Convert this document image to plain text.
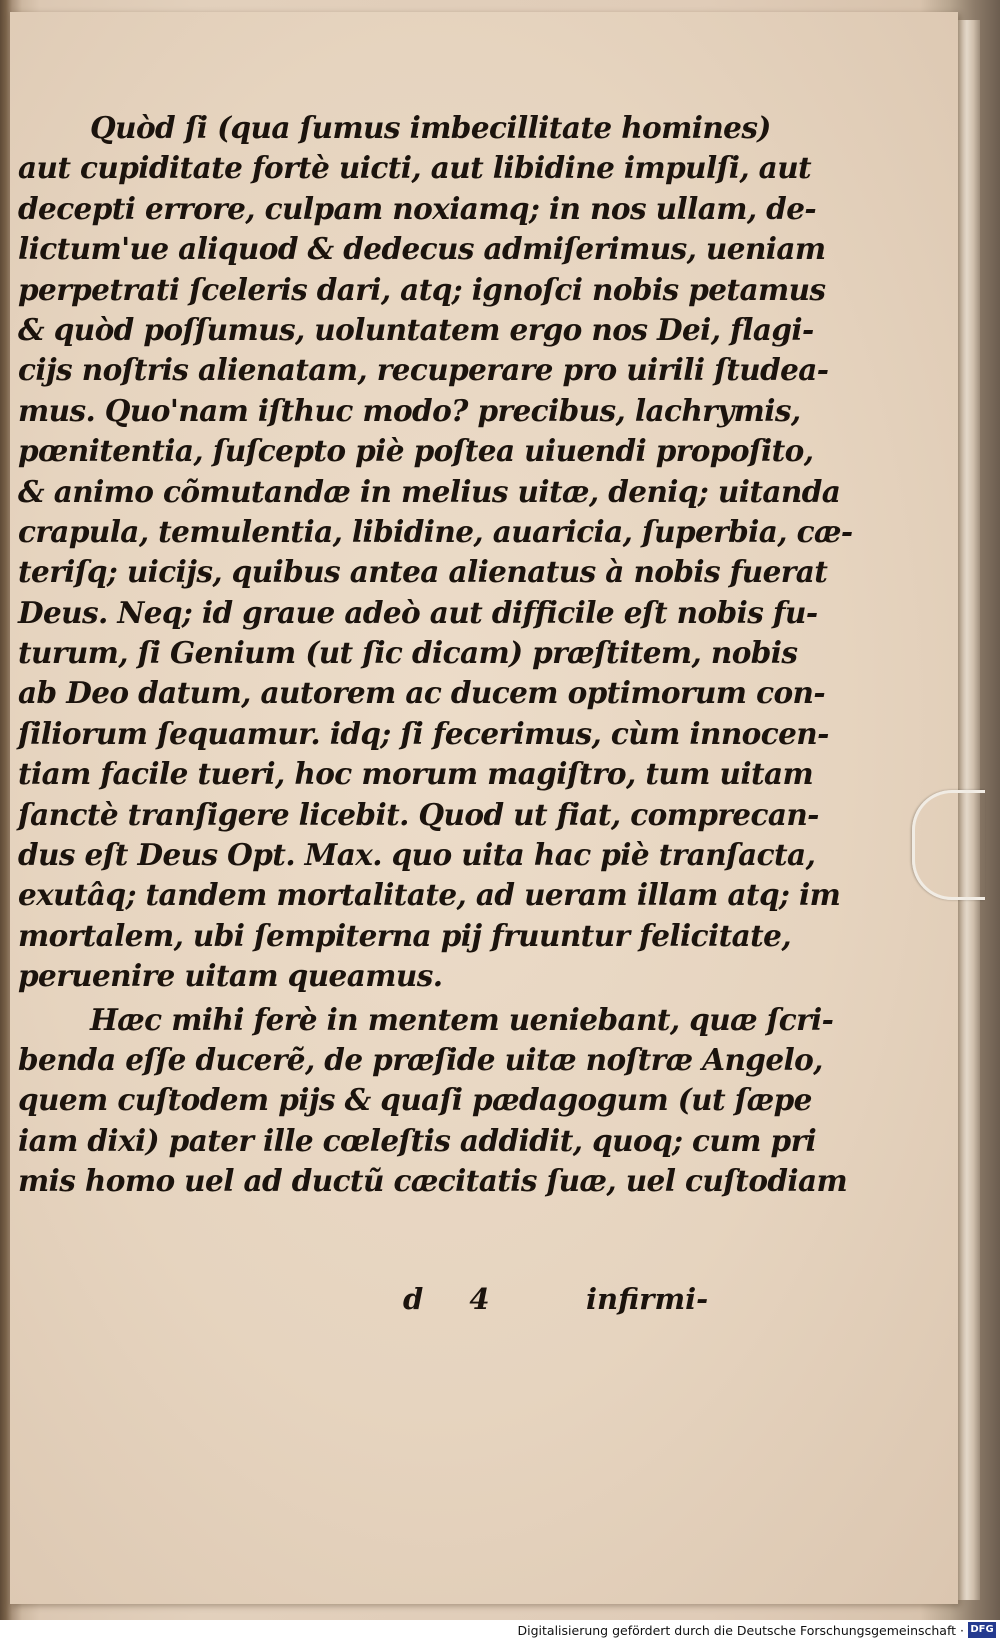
Quòd ſi (qua ſumus imbecillitate homines)
aut cupiditate fortè uicti, aut libidine impulſi, aut
decepti errore, culpam noxiamq; in nos ullam, de-
lictum'ue aliquod & dedecus admiſerimus, ueniam
perpetrati ſceleris dari, atq; ignoſci nobis petamus
& quòd poſſumus, uoluntatem ergo nos Dei, flagi-
cijs noſtris alienatam, recuperare pro uirili ſtudea-
mus. Quo'nam iſthuc modo? precibus, lachrymis,
pœnitentia, ſuſcepto piè poſtea uiuendi propoſito,
& animo cõmutandæ in melius uitæ, deniq; uitanda
crapula, temulentia, libidine, auaricia, ſuperbia, cæ-
teriſq; uicijs, quibus antea alienatus à nobis fuerat
Deus. Neq; id graue adeò aut difficile eſt nobis fu-
turum, ſi Genium (ut ſic dicam) præſtitem, nobis
ab Deo datum, autorem ac ducem optimorum con-
ſiliorum ſequamur. idq; ſi fecerimus, cùm innocen-
tiam facile tueri, hoc morum magiſtro, tum uitam
ſanctè tranſigere licebit. Quod ut fiat, comprecan-
dus eſt Deus Opt. Max. quo uita hac piè tranſacta,
exutâq; tandem mortalitate, ad ueram illam atq; im
mortalem, ubi ſempiterna pij fruuntur felicitate,
peruenire uitam queamus.
Hæc mihi ferè in mentem ueniebant, quæ ſcri-
benda eſſe ducerẽ, de præſide uitæ noſtræ Angelo,
quem cuſtodem pijs & quaſi pædagogum (ut ſæpe
iam dixi) pater ille cœleſtis addidit, quoq; cum pri
mis homo uel ad ductũ cæcitatis ſuæ, uel cuſtodiam
d 4	infirmi-
Digitalisierung gefördert durch die Deutsche Forschungsgemeinschaft · DFG
